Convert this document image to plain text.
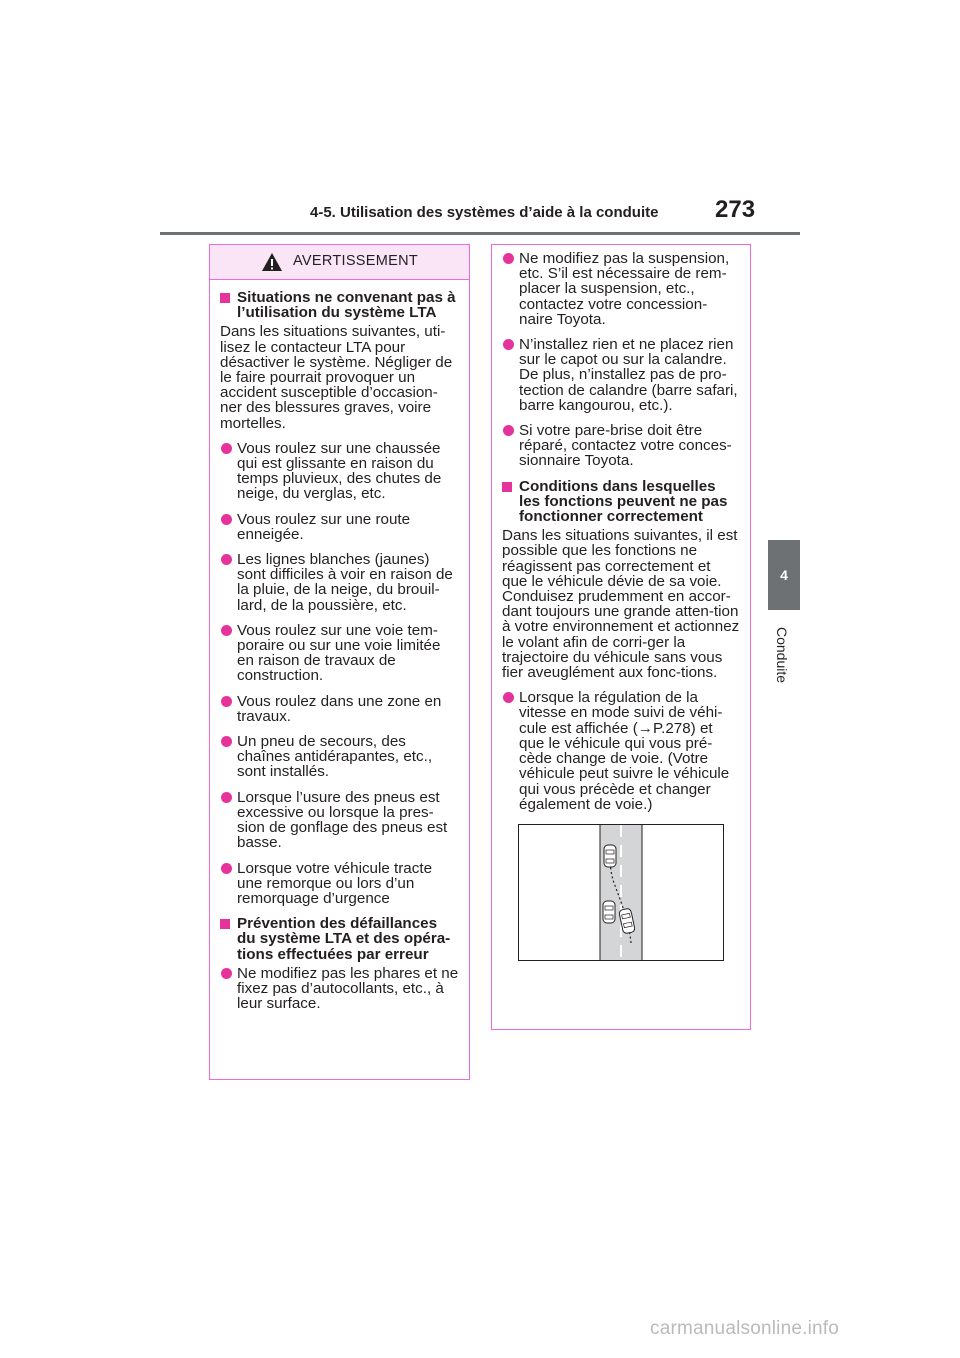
4-5. Utilisation des systèmes d’aide à la conduite	273
4
Conduite
AVERTISSEMENT
Situations ne convenant pas à l’utilisation du système LTA
Dans les situations suivantes, uti-lisez le contacteur LTA pour désactiver le système. Négliger de le faire pourrait provoquer un accident susceptible d’occasion-ner des blessures graves, voire mortelles.
Vous roulez sur une chaussée qui est glissante en raison du temps pluvieux, des chutes de neige, du verglas, etc.
Vous roulez sur une route enneigée.
Les lignes blanches (jaunes) sont difficiles à voir en raison de la pluie, de la neige, du brouil-lard, de la poussière, etc.
Vous roulez sur une voie tem-poraire ou sur une voie limitée en raison de travaux de construction.
Vous roulez dans une zone en travaux.
Un pneu de secours, des chaînes antidérapantes, etc., sont installés.
Lorsque l’usure des pneus est excessive ou lorsque la pres-sion de gonflage des pneus est basse.
Lorsque votre véhicule tracte une remorque ou lors d’un remorquage d’urgence
Prévention des défaillances du système LTA et des opéra-tions effectuées par erreur
Ne modifiez pas les phares et ne fixez pas d’autocollants, etc., à leur surface.
Ne modifiez pas la suspension, etc. S’il est nécessaire de rem-placer la suspension, etc., contactez votre concession-naire Toyota.
N’installez rien et ne placez rien sur le capot ou sur la calandre. De plus, n’installez pas de pro-tection de calandre (barre safari, barre kangourou, etc.).
Si votre pare-brise doit être réparé, contactez votre conces-sionnaire Toyota.
Conditions dans lesquelles les fonctions peuvent ne pas fonctionner correctement
Dans les situations suivantes, il est possible que les fonctions ne réagissent pas correctement et que le véhicule dévie de sa voie. Conduisez prudemment en accor-dant toujours une grande atten-tion à votre environnement et actionnez le volant afin de corri-ger la trajectoire du véhicule sans vous fier aveuglément aux fonc-tions.
Lorsque la régulation de la vitesse en mode suivi de véhi-cule est affichée (→P.278) et que le véhicule qui vous pré-cède change de voie. (Votre véhicule peut suivre le véhicule qui vous précède et changer également de voie.)
carmanualsonline.info
